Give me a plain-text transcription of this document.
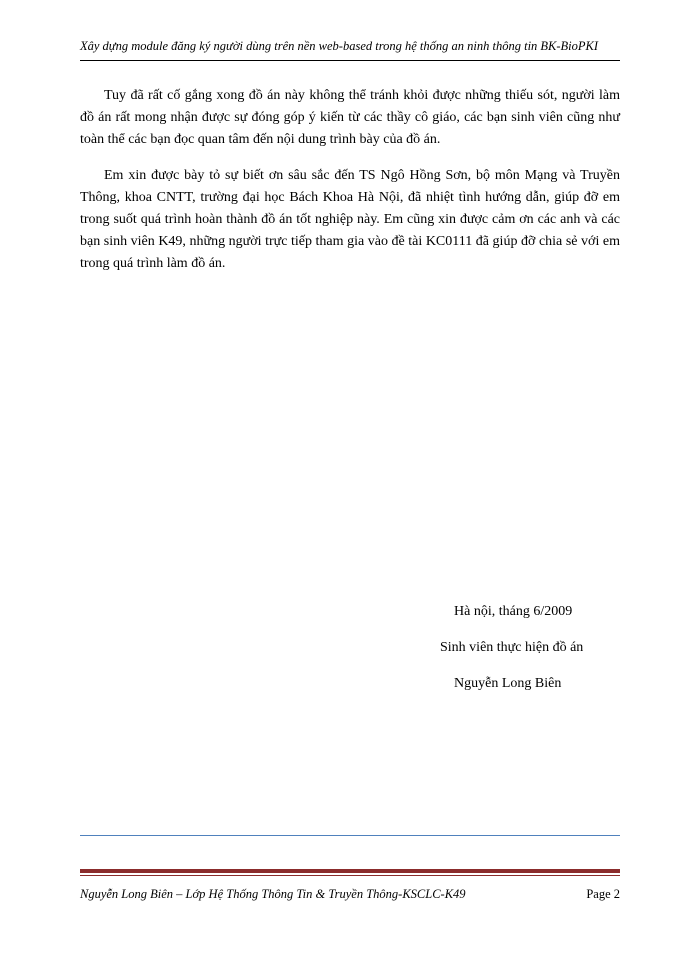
Xây dựng module đăng ký người dùng trên nền web-based trong hệ thống an ninh thông tin BK-BioPKI

Tuy đã rất cố gắng xong đồ án này không thể tránh khỏi được những thiếu sót, người làm đồ án rất mong nhận được sự đóng góp ý kiến từ các thầy cô giáo, các bạn sinh viên cũng như toàn thể các bạn đọc quan tâm đến nội dung trình bày của đồ án.

Em xin được bày tỏ sự biết ơn sâu sắc đến TS Ngô Hồng Sơn, bộ môn Mạng và Truyền Thông, khoa CNTT, trường đại học Bách Khoa Hà Nội, đã nhiệt tình hướng dẫn, giúp đỡ em trong suốt quá trình hoàn thành đồ án tốt nghiệp này. Em cũng xin được cảm ơn các anh và các bạn sinh viên K49, những người trực tiếp tham gia vào đề tài KC0111 đã giúp đỡ chia sẻ với em trong quá trình làm đồ án.

Hà nội, tháng 6/2009
Sinh viên thực hiện đồ án
Nguyễn Long Biên
Nguyễn Long Biên – Lớp Hệ Thống Thông Tin & Truyền Thông-KSCLC-K49	Page 2
